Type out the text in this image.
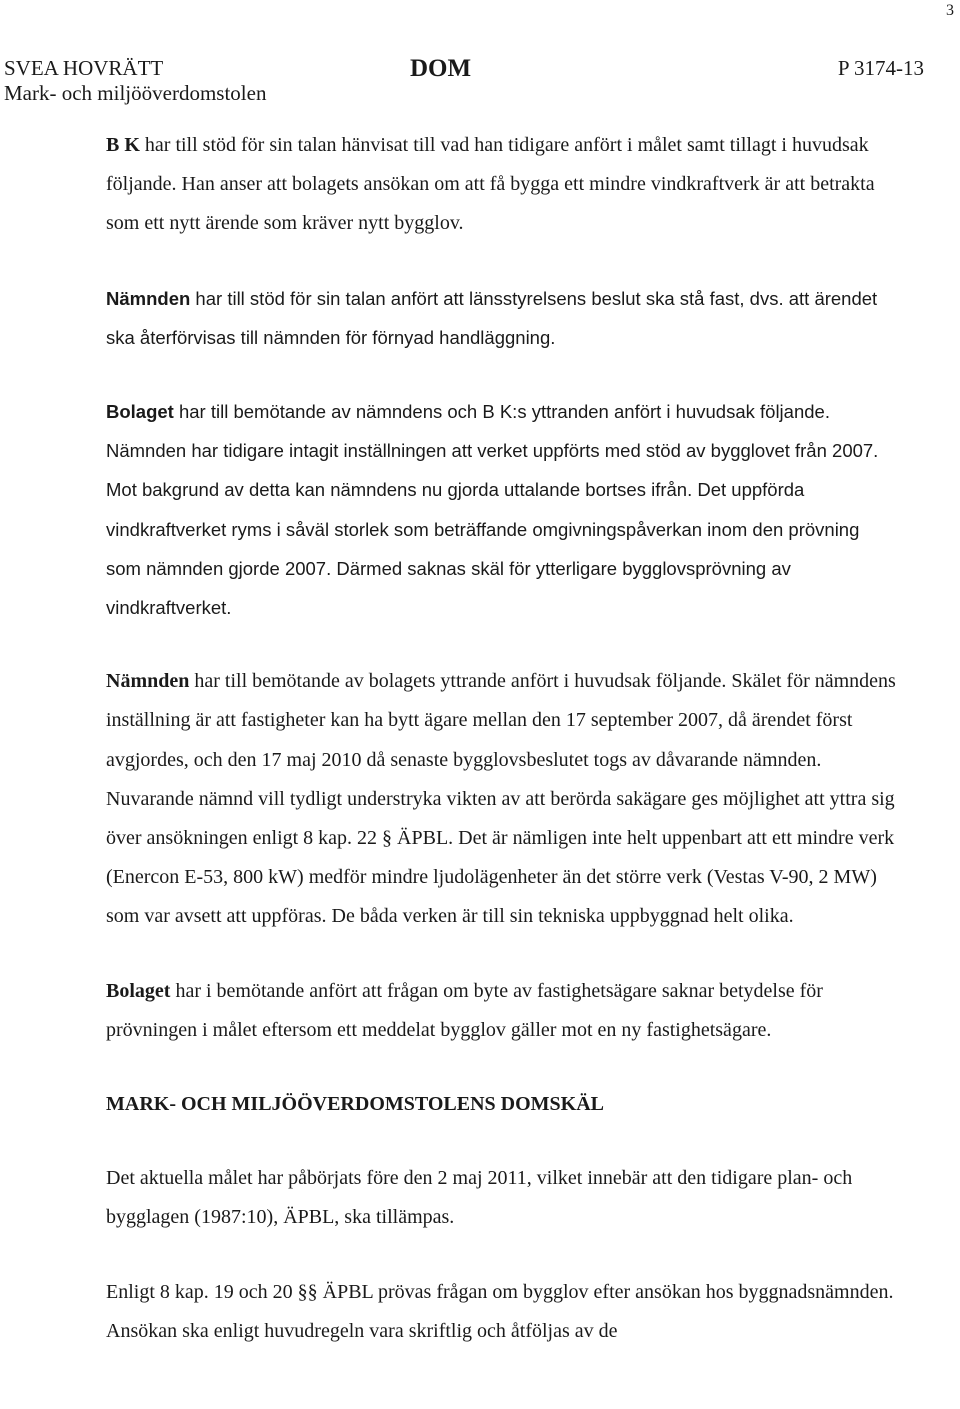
3
SVEA HOVRÄTT
Mark- och miljööverdomstolen
DOM	P 3174-13

B K har till stöd för sin talan hänvisat till vad han tidigare anfört i målet samt tillagt i huvudsak följande. Han anser att bolagets ansökan om att få bygga ett mindre vindkraftverk är att betrakta som ett nytt ärende som kräver nytt bygglov.

Nämnden har till stöd för sin talan anfört att länsstyrelsens beslut ska stå fast, dvs. att ärendet ska återförvisas till nämnden för förnyad handläggning.

Bolaget har till bemötande av nämndens och B K:s yttranden anfört i huvudsak följande. Nämnden har tidigare intagit inställningen att verket uppförts med stöd av bygglovet från 2007. Mot bakgrund av detta kan nämndens nu gjorda uttalande bortses ifrån. Det uppförda vindkraftverket ryms i såväl storlek som beträffande omgivningspåverkan inom den prövning som nämnden gjorde 2007. Därmed saknas skäl för ytterligare bygglovsprövning av vindkraftverket.

Nämnden har till bemötande av bolagets yttrande anfört i huvudsak följande. Skälet för nämndens inställning är att fastigheter kan ha bytt ägare mellan den 17 september 2007, då ärendet först avgjordes, och den 17 maj 2010 då senaste bygglovsbeslutet togs av dåvarande nämnden. Nuvarande nämnd vill tydligt understryka vikten av att berörda sakägare ges möjlighet att yttra sig över ansökningen enligt 8 kap. 22 § ÄPBL. Det är nämligen inte helt uppenbart att ett mindre verk (Enercon E-53, 800 kW) medför mindre ljudolägenheter än det större verk (Vestas V-90, 2 MW) som var avsett att uppföras. De båda verken är till sin tekniska uppbyggnad helt olika.

Bolaget har i bemötande anfört att frågan om byte av fastighetsägare saknar betydelse för prövningen i målet eftersom ett meddelat bygglov gäller mot en ny fastighetsägare.

MARK- OCH MILJÖÖVERDOMSTOLENS DOMSKÄL

Det aktuella målet har påbörjats före den 2 maj 2011, vilket innebär att den tidigare plan- och bygglagen (1987:10), ÄPBL, ska tillämpas.

Enligt 8 kap. 19 och 20 §§ ÄPBL prövas frågan om bygglov efter ansökan hos byggnadsnämnden. Ansökan ska enligt huvudregeln vara skriftlig och åtföljas av de
